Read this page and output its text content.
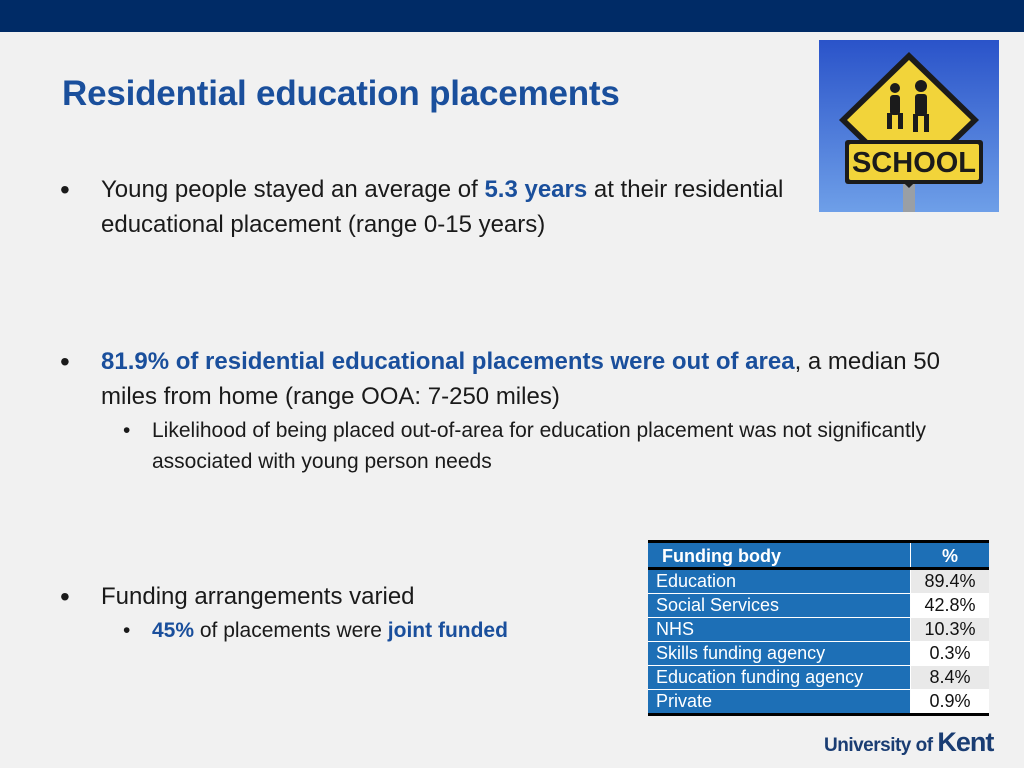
Residential education placements
SCHOOL
• Young people stayed an average of 5.3 years at their residential educational placement (range 0-15 years)
• 81.9% of residential educational placements were out of area, a median 50 miles from home (range OOA: 7-250 miles)
• Likelihood of being placed out-of-area for education placement was not significantly associated with young person needs
• Funding arrangements varied
• 45% of placements were joint funded
Funding body	%
Education	89.4%
Social Services	42.8%
NHS	10.3%
Skills funding agency	0.3%
Education funding agency	8.4%
Private	0.9%
University of Kent
